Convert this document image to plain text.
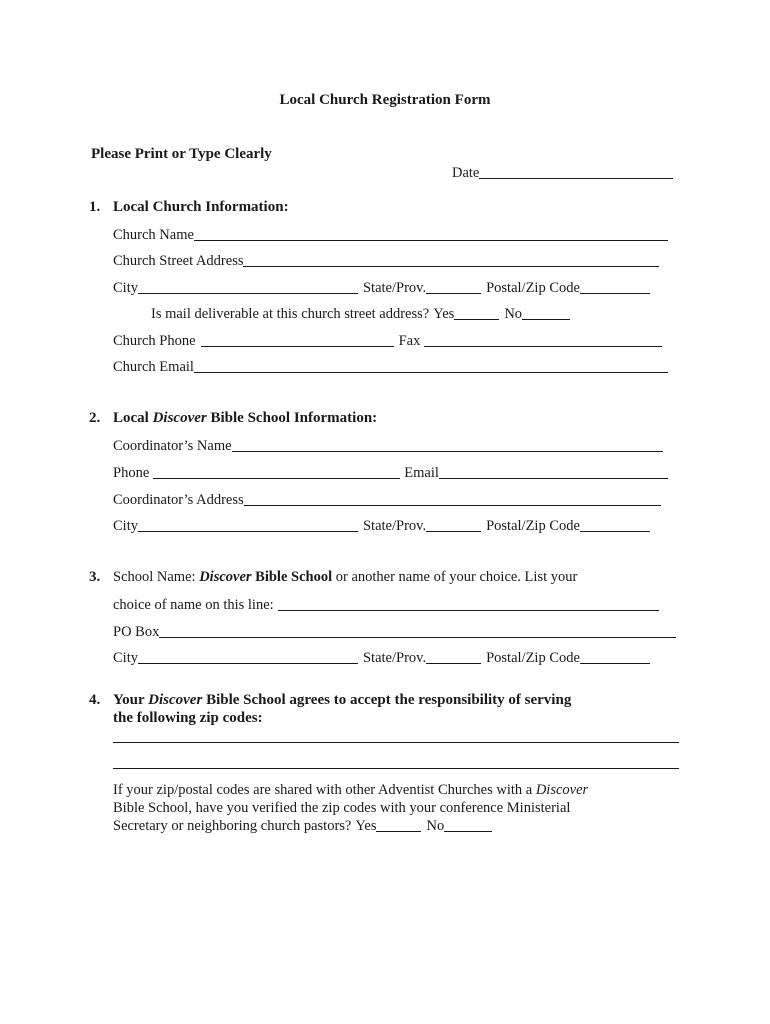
Local Church Registration Form
Please Print or Type Clearly
Date
1. Local Church Information:
Church Name
Church Street Address
City	State/Prov.	Postal/Zip Code
Is mail deliverable at this church street address? Yes	No
Church Phone	Fax
Church Email
2. Local Discover Bible School Information:
Coordinator’s Name
Phone	Email
Coordinator’s Address
City	State/Prov.	Postal/Zip Code
3. School Name: Discover Bible School or another name of your choice. List your
choice of name on this line:
PO Box
City	State/Prov.	Postal/Zip Code
4. Your Discover Bible School agrees to accept the responsibility of serving
the following zip codes:
If your zip/postal codes are shared with other Adventist Churches with a Discover
Bible School, have you verified the zip codes with your conference Ministerial
Secretary or neighboring church pastors? Yes	No
